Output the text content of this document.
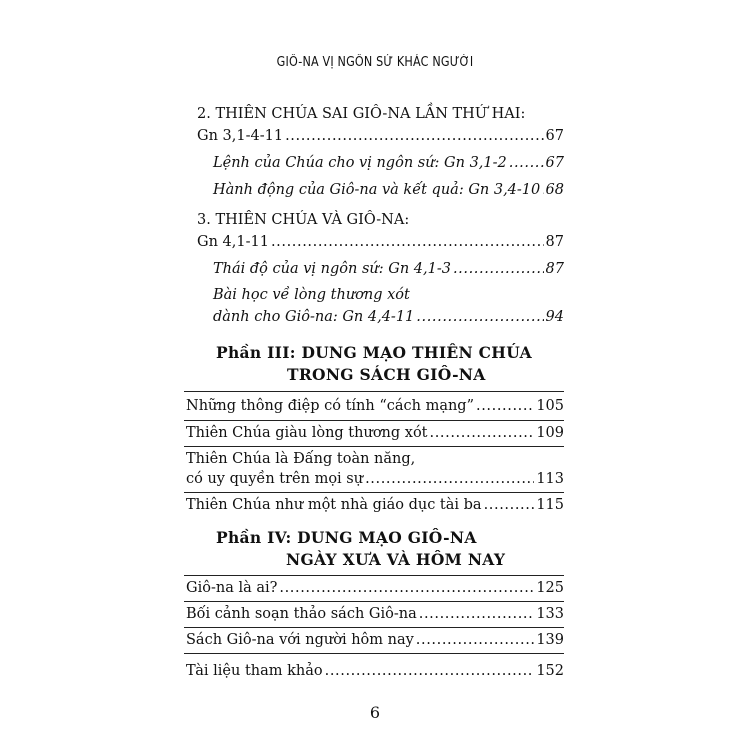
GIÔ-NA VỊ NGÔN SỨ KHÁC NGƯỜI
2. THIÊN CHÚA SAI GIÔ-NA LẦN THỨ HAI:
Gn 3,1-4-11 .....	67
Lệnh của Chúa cho vị ngôn sứ: Gn 3,1-2 .....	67
Hành động của Giô-na và kết quả: Gn 3,4-10 ..... 68
3. THIÊN CHÚA VÀ GIÔ-NA:
Gn 4,1-11 .....	87
Thái độ của vị ngôn sứ: Gn 4,1-3 .....	87
Bài học về lòng thương xót
dành cho Giô-na: Gn 4,4-11 .....	94
Phần III: DUNG MẠO THIÊN CHÚA
TRONG SÁCH GIÔ-NA
Những thông điệp có tính “cách mạng” .....	105
Thiên Chúa giàu lòng thương xót .....	109
Thiên Chúa là Đấng toàn năng,
có uy quyền trên mọi sự .....	113
Thiên Chúa như một nhà giáo dục tài ba .....	115
Phần IV: DUNG MẠO GIÔ-NA
NGÀY XƯA VÀ HÔM NAY
Giô-na là ai? .....	125
Bối cảnh soạn thảo sách Giô-na .....	133
Sách Giô-na với người hôm nay .....	139
Tài liệu tham khảo .....	152
6
